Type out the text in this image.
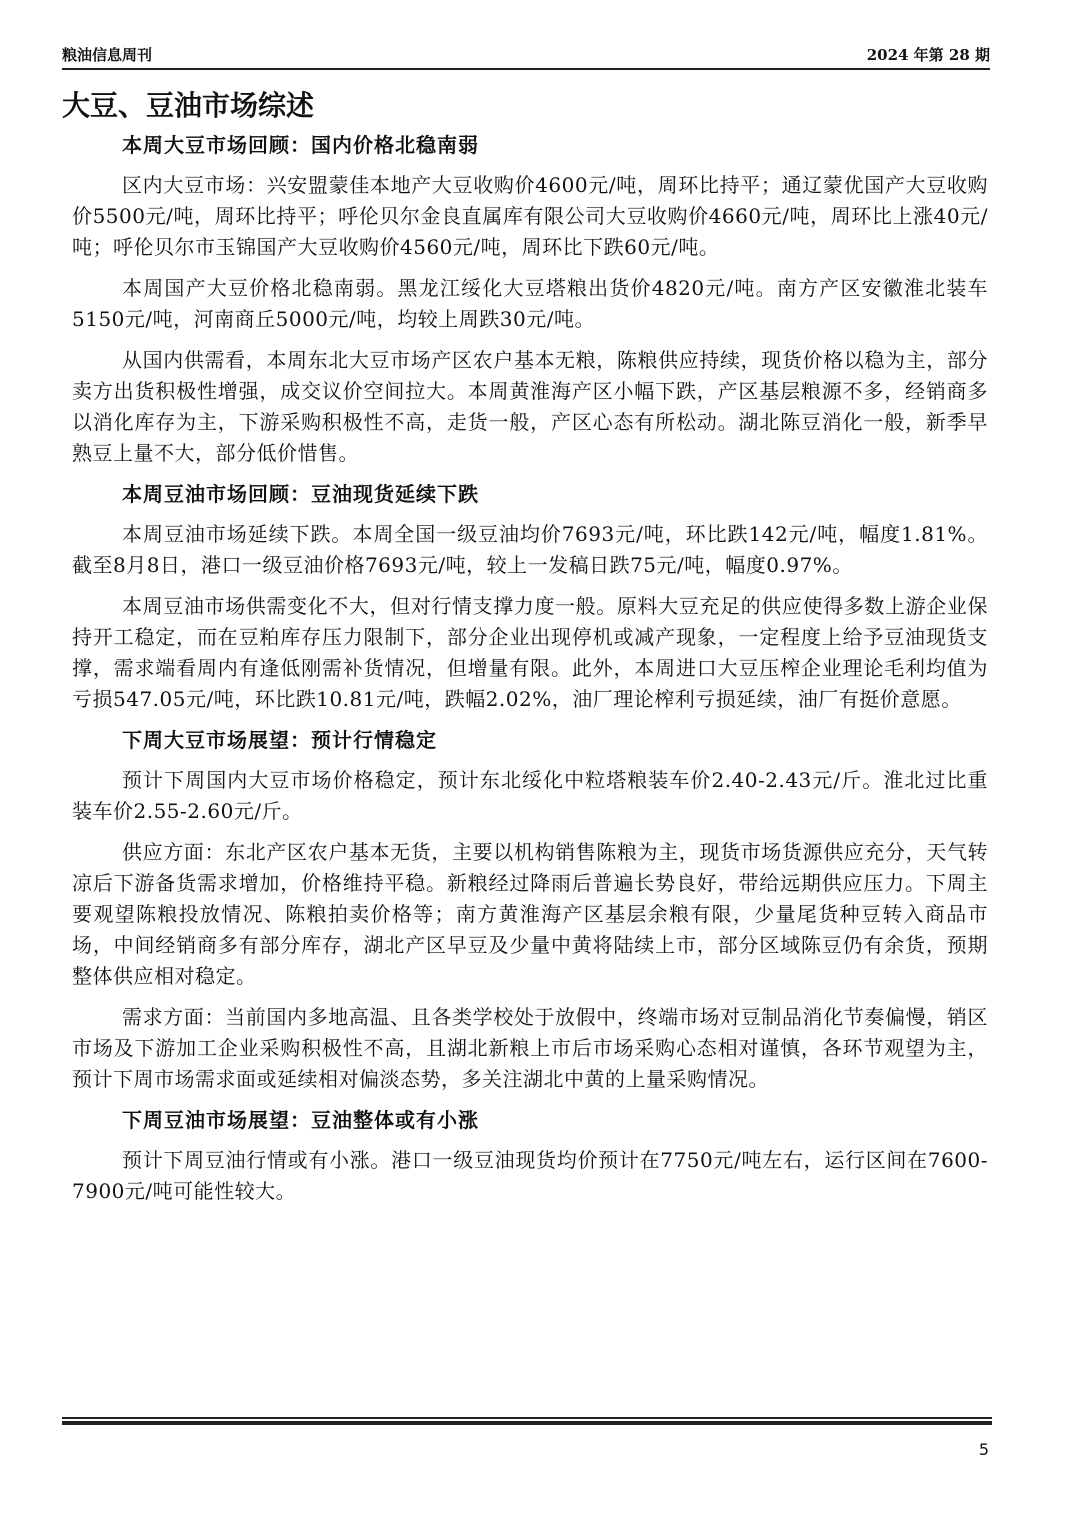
粮油信息周刊	2024 年第 28 期
大豆、豆油市场综述
本周大豆市场回顾：国内价格北稳南弱

区内大豆市场：兴安盟蒙佳本地产大豆收购价4600元/吨，周环比持平；通辽蒙优国产大豆收购价5500元/吨，周环比持平；呼伦贝尔金良直属库有限公司大豆收购价4660元/吨，周环比上涨40元/吨；呼伦贝尔市玉锦国产大豆收购价4560元/吨，周环比下跌60元/吨。

本周国产大豆价格北稳南弱。黑龙江绥化大豆塔粮出货价4820元/吨。南方产区安徽淮北装车5150元/吨，河南商丘5000元/吨，均较上周跌30元/吨。

从国内供需看，本周东北大豆市场产区农户基本无粮，陈粮供应持续，现货价格以稳为主，部分卖方出货积极性增强，成交议价空间拉大。本周黄淮海产区小幅下跌，产区基层粮源不多，经销商多以消化库存为主，下游采购积极性不高，走货一般，产区心态有所松动。湖北陈豆消化一般，新季早熟豆上量不大，部分低价惜售。

本周豆油市场回顾：豆油现货延续下跌

本周豆油市场延续下跌。本周全国一级豆油均价7693元/吨，环比跌142元/吨，幅度1.81%。截至8月8日，港口一级豆油价格7693元/吨，较上一发稿日跌75元/吨，幅度0.97%。

本周豆油市场供需变化不大，但对行情支撑力度一般。原料大豆充足的供应使得多数上游企业保持开工稳定，而在豆粕库存压力限制下，部分企业出现停机或减产现象，一定程度上给予豆油现货支撑，需求端看周内有逢低刚需补货情况，但增量有限。此外，本周进口大豆压榨企业理论毛利均值为亏损547.05元/吨，环比跌10.81元/吨，跌幅2.02%，油厂理论榨利亏损延续，油厂有挺价意愿。

下周大豆市场展望：预计行情稳定

预计下周国内大豆市场价格稳定，预计东北绥化中粒塔粮装车价2.40-2.43元/斤。淮北过比重装车价2.55-2.60元/斤。

供应方面：东北产区农户基本无货，主要以机构销售陈粮为主，现货市场货源供应充分，天气转凉后下游备货需求增加，价格维持平稳。新粮经过降雨后普遍长势良好，带给远期供应压力。下周主要观望陈粮投放情况、陈粮拍卖价格等；南方黄淮海产区基层余粮有限，少量尾货种豆转入商品市场，中间经销商多有部分库存，湖北产区早豆及少量中黄将陆续上市，部分区域陈豆仍有余货，预期整体供应相对稳定。

需求方面：当前国内多地高温、且各类学校处于放假中，终端市场对豆制品消化节奏偏慢，销区市场及下游加工企业采购积极性不高，且湖北新粮上市后市场采购心态相对谨慎，各环节观望为主，预计下周市场需求面或延续相对偏淡态势，多关注湖北中黄的上量采购情况。

下周豆油市场展望：豆油整体或有小涨

预计下周豆油行情或有小涨。港口一级豆油现货均价预计在7750元/吨左右，运行区间在7600-7900元/吨可能性较大。

5
